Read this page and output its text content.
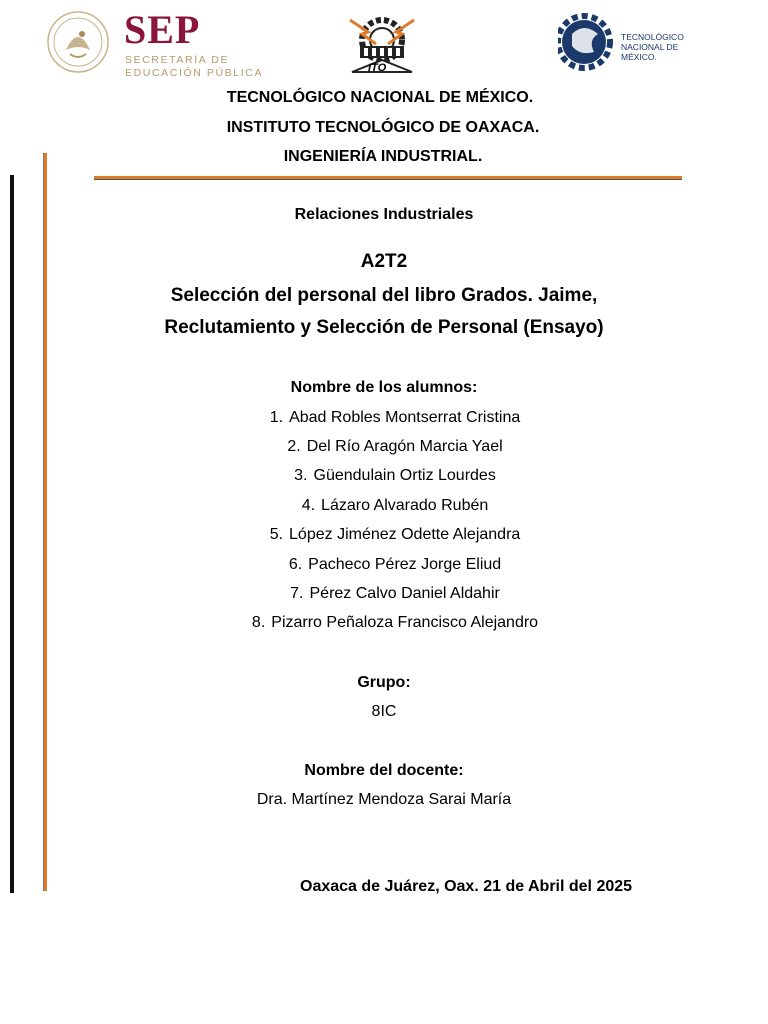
SEP
SECRETARÍA DE
EDUCACIÓN PÚBLICA	ITO
TECNOLÓGICO
NACIONAL DE MÉXICO.
TECNOLÓGICO NACIONAL DE MÉXICO.
INSTITUTO TECNOLÓGICO DE OAXACA.
INGENIERÍA INDUSTRIAL.
Relaciones Industriales
A2T2
Selección del personal del libro Grados. Jaime,
Reclutamiento y Selección de Personal (Ensayo)
Nombre de los alumnos:
1. Abad Robles Montserrat Cristina
2. Del Río Aragón Marcia Yael
3. Güendulain Ortiz Lourdes
4. Lázaro Alvarado Rubén
5. López Jiménez Odette Alejandra
6. Pacheco Pérez Jorge Eliud
7. Pérez Calvo Daniel Aldahir
8. Pizarro Peñaloza Francisco Alejandro
Grupo:
8IC
Nombre del docente:
Dra. Martínez Mendoza Sarai María
Oaxaca de Juárez, Oax. 21 de Abril del 2025
